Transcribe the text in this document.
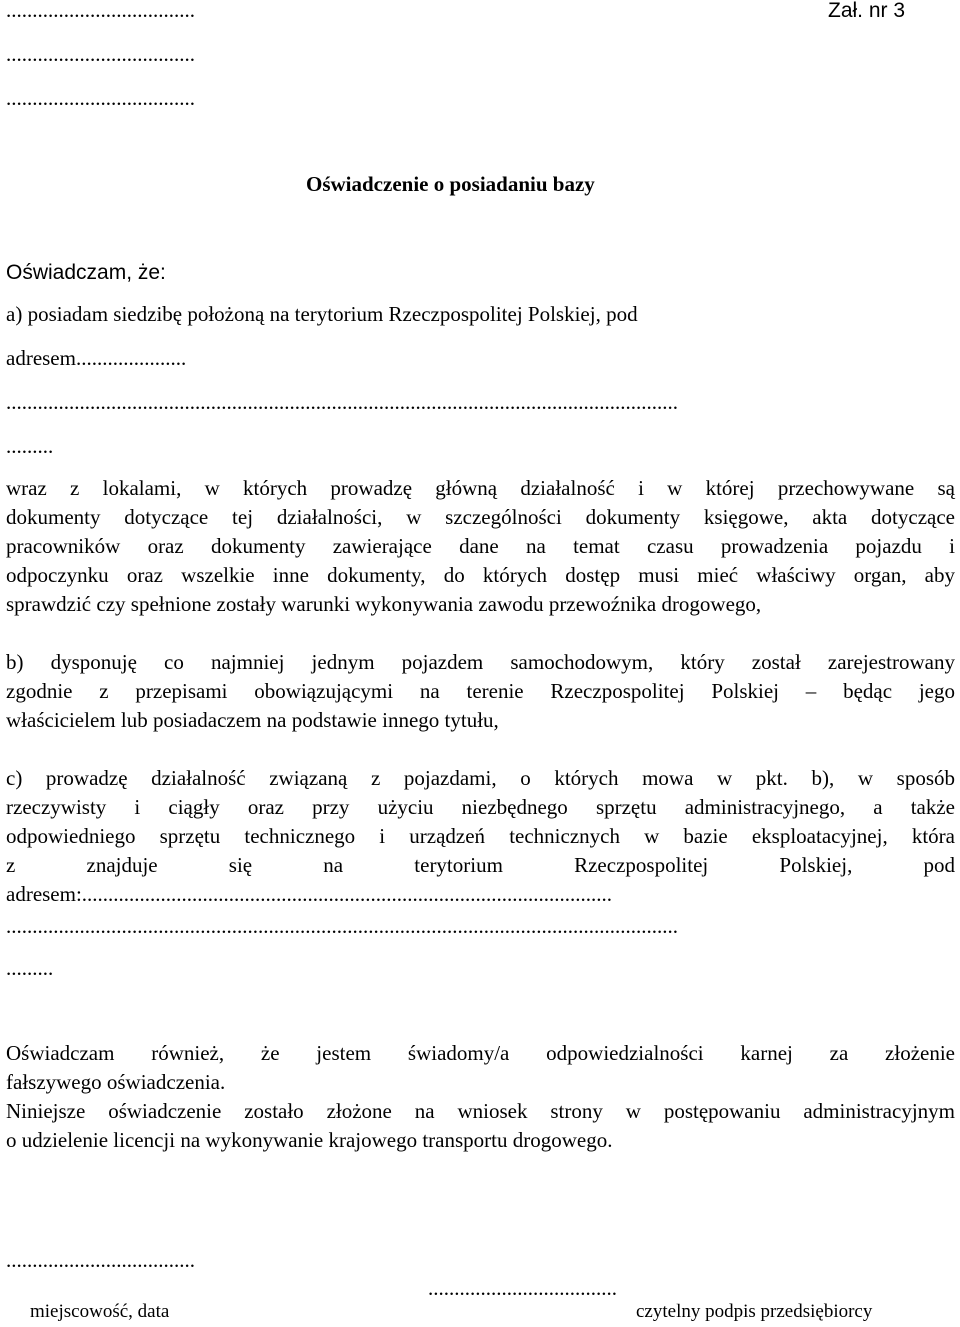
....................................	Zał. nr 3
....................................
....................................
Oświadczenie o posiadaniu bazy
Oświadczam, że:
a) posiadam siedzibę położoną na terytorium Rzeczpospolitej Polskiej, pod
adresem.....................
................................................................................................................................
.........
wraz z lokalami, w których prowadzę główną działalność i w której przechowywane są
dokumenty dotyczące tej działalności, w szczególności dokumenty księgowe, akta dotyczące
pracowników oraz dokumenty zawierające dane na temat czasu prowadzenia pojazdu i
odpoczynku oraz wszelkie inne dokumenty, do których dostęp musi mieć właściwy organ, aby
sprawdzić czy spełnione zostały warunki wykonywania zawodu przewoźnika drogowego,
b) dysponuję co najmniej jednym pojazdem samochodowym, który został zarejestrowany
zgodnie z przepisami obowiązującymi na terenie Rzeczpospolitej Polskiej – będąc jego
właścicielem lub posiadaczem na podstawie innego tytułu,
c) prowadzę działalność związaną z pojazdami, o których mowa w pkt. b), w sposób
rzeczywisty i ciągły oraz przy użyciu niezbędnego sprzętu administracyjnego, a także
odpowiedniego sprzętu technicznego i urządzeń technicznych w bazie eksploatacyjnej, która
z znajduje się na terytorium Rzeczpospolitej Polskiej, pod
adresem:.....................................................................................................
................................................................................................................................
.........
Oświadczam również, że jestem świadomy/a odpowiedzialności karnej za złożenie
fałszywego oświadczenia.
Niniejsze oświadczenie zostało złożone na wniosek strony w postępowaniu administracyjnym
o udzielenie licencji na wykonywanie krajowego transportu drogowego.
....................................
....................................
miejscowość, data	czytelny podpis przedsiębiorcy
